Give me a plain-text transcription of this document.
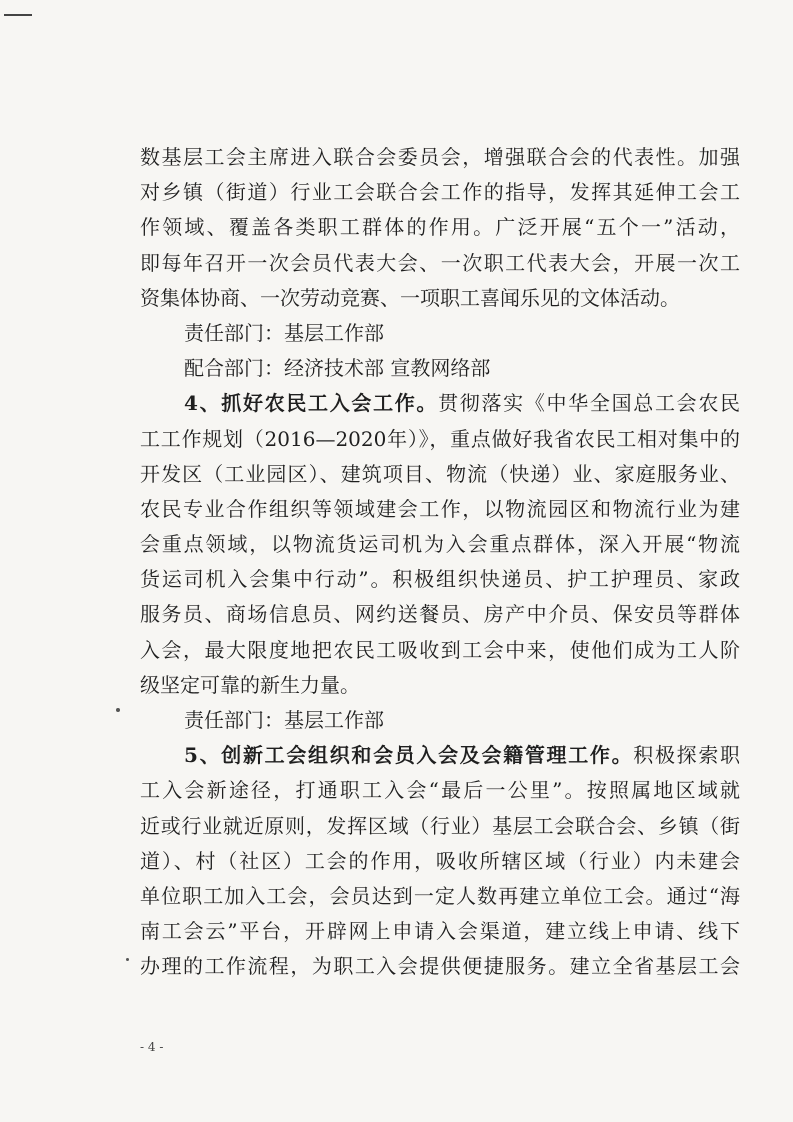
数基层工会主席进入联合会委员会，增强联合会的代表性。加强
对乡镇（街道）行业工会联合会工作的指导，发挥其延伸工会工
作领域、覆盖各类职工群体的作用。广泛开展“五个一”活动，
即每年召开一次会员代表大会、一次职工代表大会，开展一次工
资集体协商、一次劳动竞赛、一项职工喜闻乐见的文体活动。
责任部门：基层工作部
配合部门：经济技术部 宣教网络部
4、抓好农民工入会工作。贯彻落实《中华全国总工会农民
工工作规划（2016—2020年）》，重点做好我省农民工相对集中的
开发区（工业园区）、建筑项目、物流（快递）业、家庭服务业、
农民专业合作组织等领域建会工作，以物流园区和物流行业为建
会重点领域，以物流货运司机为入会重点群体，深入开展“物流
货运司机入会集中行动”。积极组织快递员、护工护理员、家政
服务员、商场信息员、网约送餐员、房产中介员、保安员等群体
入会，最大限度地把农民工吸收到工会中来，使他们成为工人阶
级坚定可靠的新生力量。
责任部门：基层工作部
5、创新工会组织和会员入会及会籍管理工作。积极探索职
工入会新途径，打通职工入会“最后一公里”。按照属地区域就
近或行业就近原则，发挥区域（行业）基层工会联合会、乡镇（街
道）、村（社区）工会的作用，吸收所辖区域（行业）内未建会
单位职工加入工会，会员达到一定人数再建立单位工会。通过“海
南工会云”平台，开辟网上申请入会渠道，建立线上申请、线下
办理的工作流程，为职工入会提供便捷服务。建立全省基层工会
- 4 -
